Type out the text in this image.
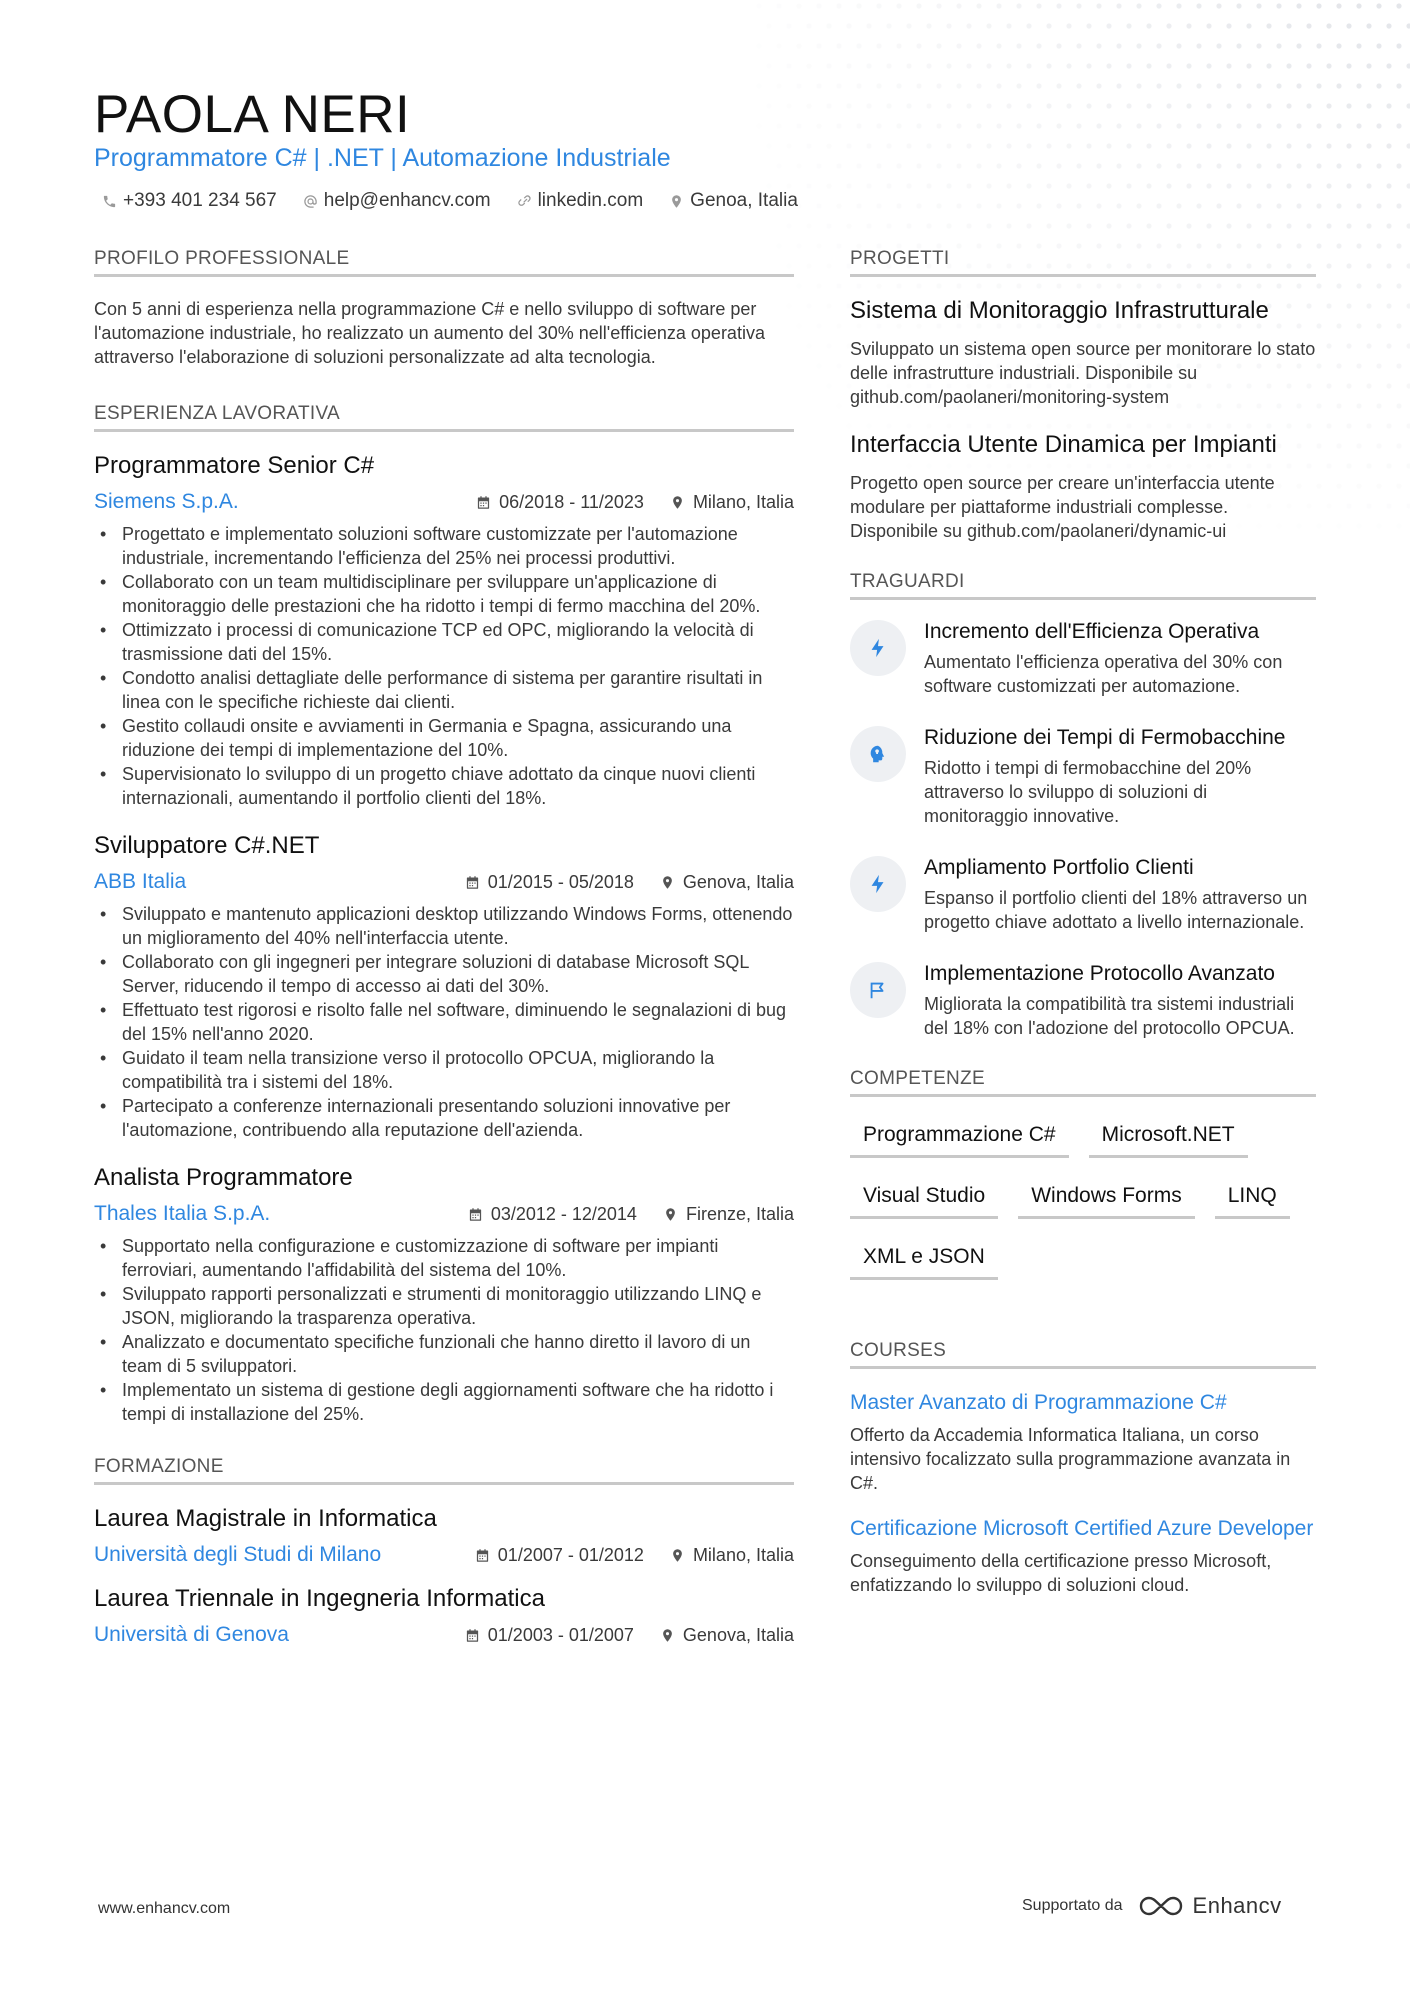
PAOLA NERI
Programmatore C# | .NET | Automazione Industriale
+393 401 234 567 help@enhancv.com linkedin.com Genoa, Italia
PROFILO PROFESSIONALE

Con 5 anni di esperienza nella programmazione C# e nello sviluppo di software per l'automazione industriale, ho realizzato un aumento del 30% nell'efficienza operativa attraverso l'elaborazione di soluzioni personalizzate ad alta tecnologia.

ESPERIENZA LAVORATIVA
Programmatore Senior C#
Siemens S.p.A.	06/2018 - 11/2023	Milano, Italia
• Progettato e implementato soluzioni software customizzate per l'automazione industriale, incrementando l'efficienza del 25% nei processi produttivi.
• Collaborato con un team multidisciplinare per sviluppare un'applicazione di monitoraggio delle prestazioni che ha ridotto i tempi di fermo macchina del 20%.
• Ottimizzato i processi di comunicazione TCP ed OPC, migliorando la velocità di trasmissione dati del 15%.
• Condotto analisi dettagliate delle performance di sistema per garantire risultati in linea con le specifiche richieste dai clienti.
• Gestito collaudi onsite e avviamenti in Germania e Spagna, assicurando una riduzione dei tempi di implementazione del 10%.
• Supervisionato lo sviluppo di un progetto chiave adottato da cinque nuovi clienti internazionali, aumentando il portfolio clienti del 18%.
Sviluppatore C#.NET
ABB Italia	01/2015 - 05/2018	Genova, Italia
• Sviluppato e mantenuto applicazioni desktop utilizzando Windows Forms, ottenendo un miglioramento del 40% nell'interfaccia utente.
• Collaborato con gli ingegneri per integrare soluzioni di database Microsoft SQL Server, riducendo il tempo di accesso ai dati del 30%.
• Effettuato test rigorosi e risolto falle nel software, diminuendo le segnalazioni di bug del 15% nell'anno 2020.
• Guidato il team nella transizione verso il protocollo OPCUA, migliorando la compatibilità tra i sistemi del 18%.
• Partecipato a conferenze internazionali presentando soluzioni innovative per l'automazione, contribuendo alla reputazione dell'azienda.
Analista Programmatore
Thales Italia S.p.A.	03/2012 - 12/2014	Firenze, Italia
• Supportato nella configurazione e customizzazione di software per impianti ferroviari, aumentando l'affidabilità del sistema del 10%.
• Sviluppato rapporti personalizzati e strumenti di monitoraggio utilizzando LINQ e JSON, migliorando la trasparenza operativa.
• Analizzato e documentato specifiche funzionali che hanno diretto il lavoro di un team di 5 sviluppatori.
• Implementato un sistema di gestione degli aggiornamenti software che ha ridotto i tempi di installazione del 25%.
FORMAZIONE
Laurea Magistrale in Informatica
Università degli Studi di Milano	01/2007 - 01/2012	Milano, Italia
Laurea Triennale in Ingegneria Informatica
Università di Genova	01/2003 - 01/2007	Genova, Italia
PROGETTI
Sistema di Monitoraggio Infrastrutturale

Sviluppato un sistema open source per monitorare lo stato delle infrastrutture industriali. Disponibile su github.com/paolaneri/monitoring-system

Interfaccia Utente Dinamica per Impianti

Progetto open source per creare un'interfaccia utente modulare per piattaforme industriali complesse. Disponibile su github.com/paolaneri/dynamic-ui

TRAGUARDI
Incremento dell'Efficienza Operativa

Aumentato l'efficienza operativa del 30% con software customizzati per automazione.

Riduzione dei Tempi di Fermobacchine

Ridotto i tempi di fermobacchine del 20% attraverso lo sviluppo di soluzioni di monitoraggio innovative.

Ampliamento Portfolio Clienti

Espanso il portfolio clienti del 18% attraverso un progetto chiave adottato a livello internazionale.

Implementazione Protocollo Avanzato

Migliorata la compatibilità tra sistemi industriali del 18% con l'adozione del protocollo OPCUA.

COMPETENZE
Programmazione C#	Microsoft.NET
Visual Studio	Windows Forms	LINQ
XML e JSON
COURSES
Master Avanzato di Programmazione C#

Offerto da Accademia Informatica Italiana, un corso intensivo focalizzato sulla programmazione avanzata in C#.

Certificazione Microsoft Certified Azure Developer

Conseguimento della certificazione presso Microsoft, enfatizzando lo sviluppo di soluzioni cloud.

www.enhancv.com	Supportato da	Enhancv
